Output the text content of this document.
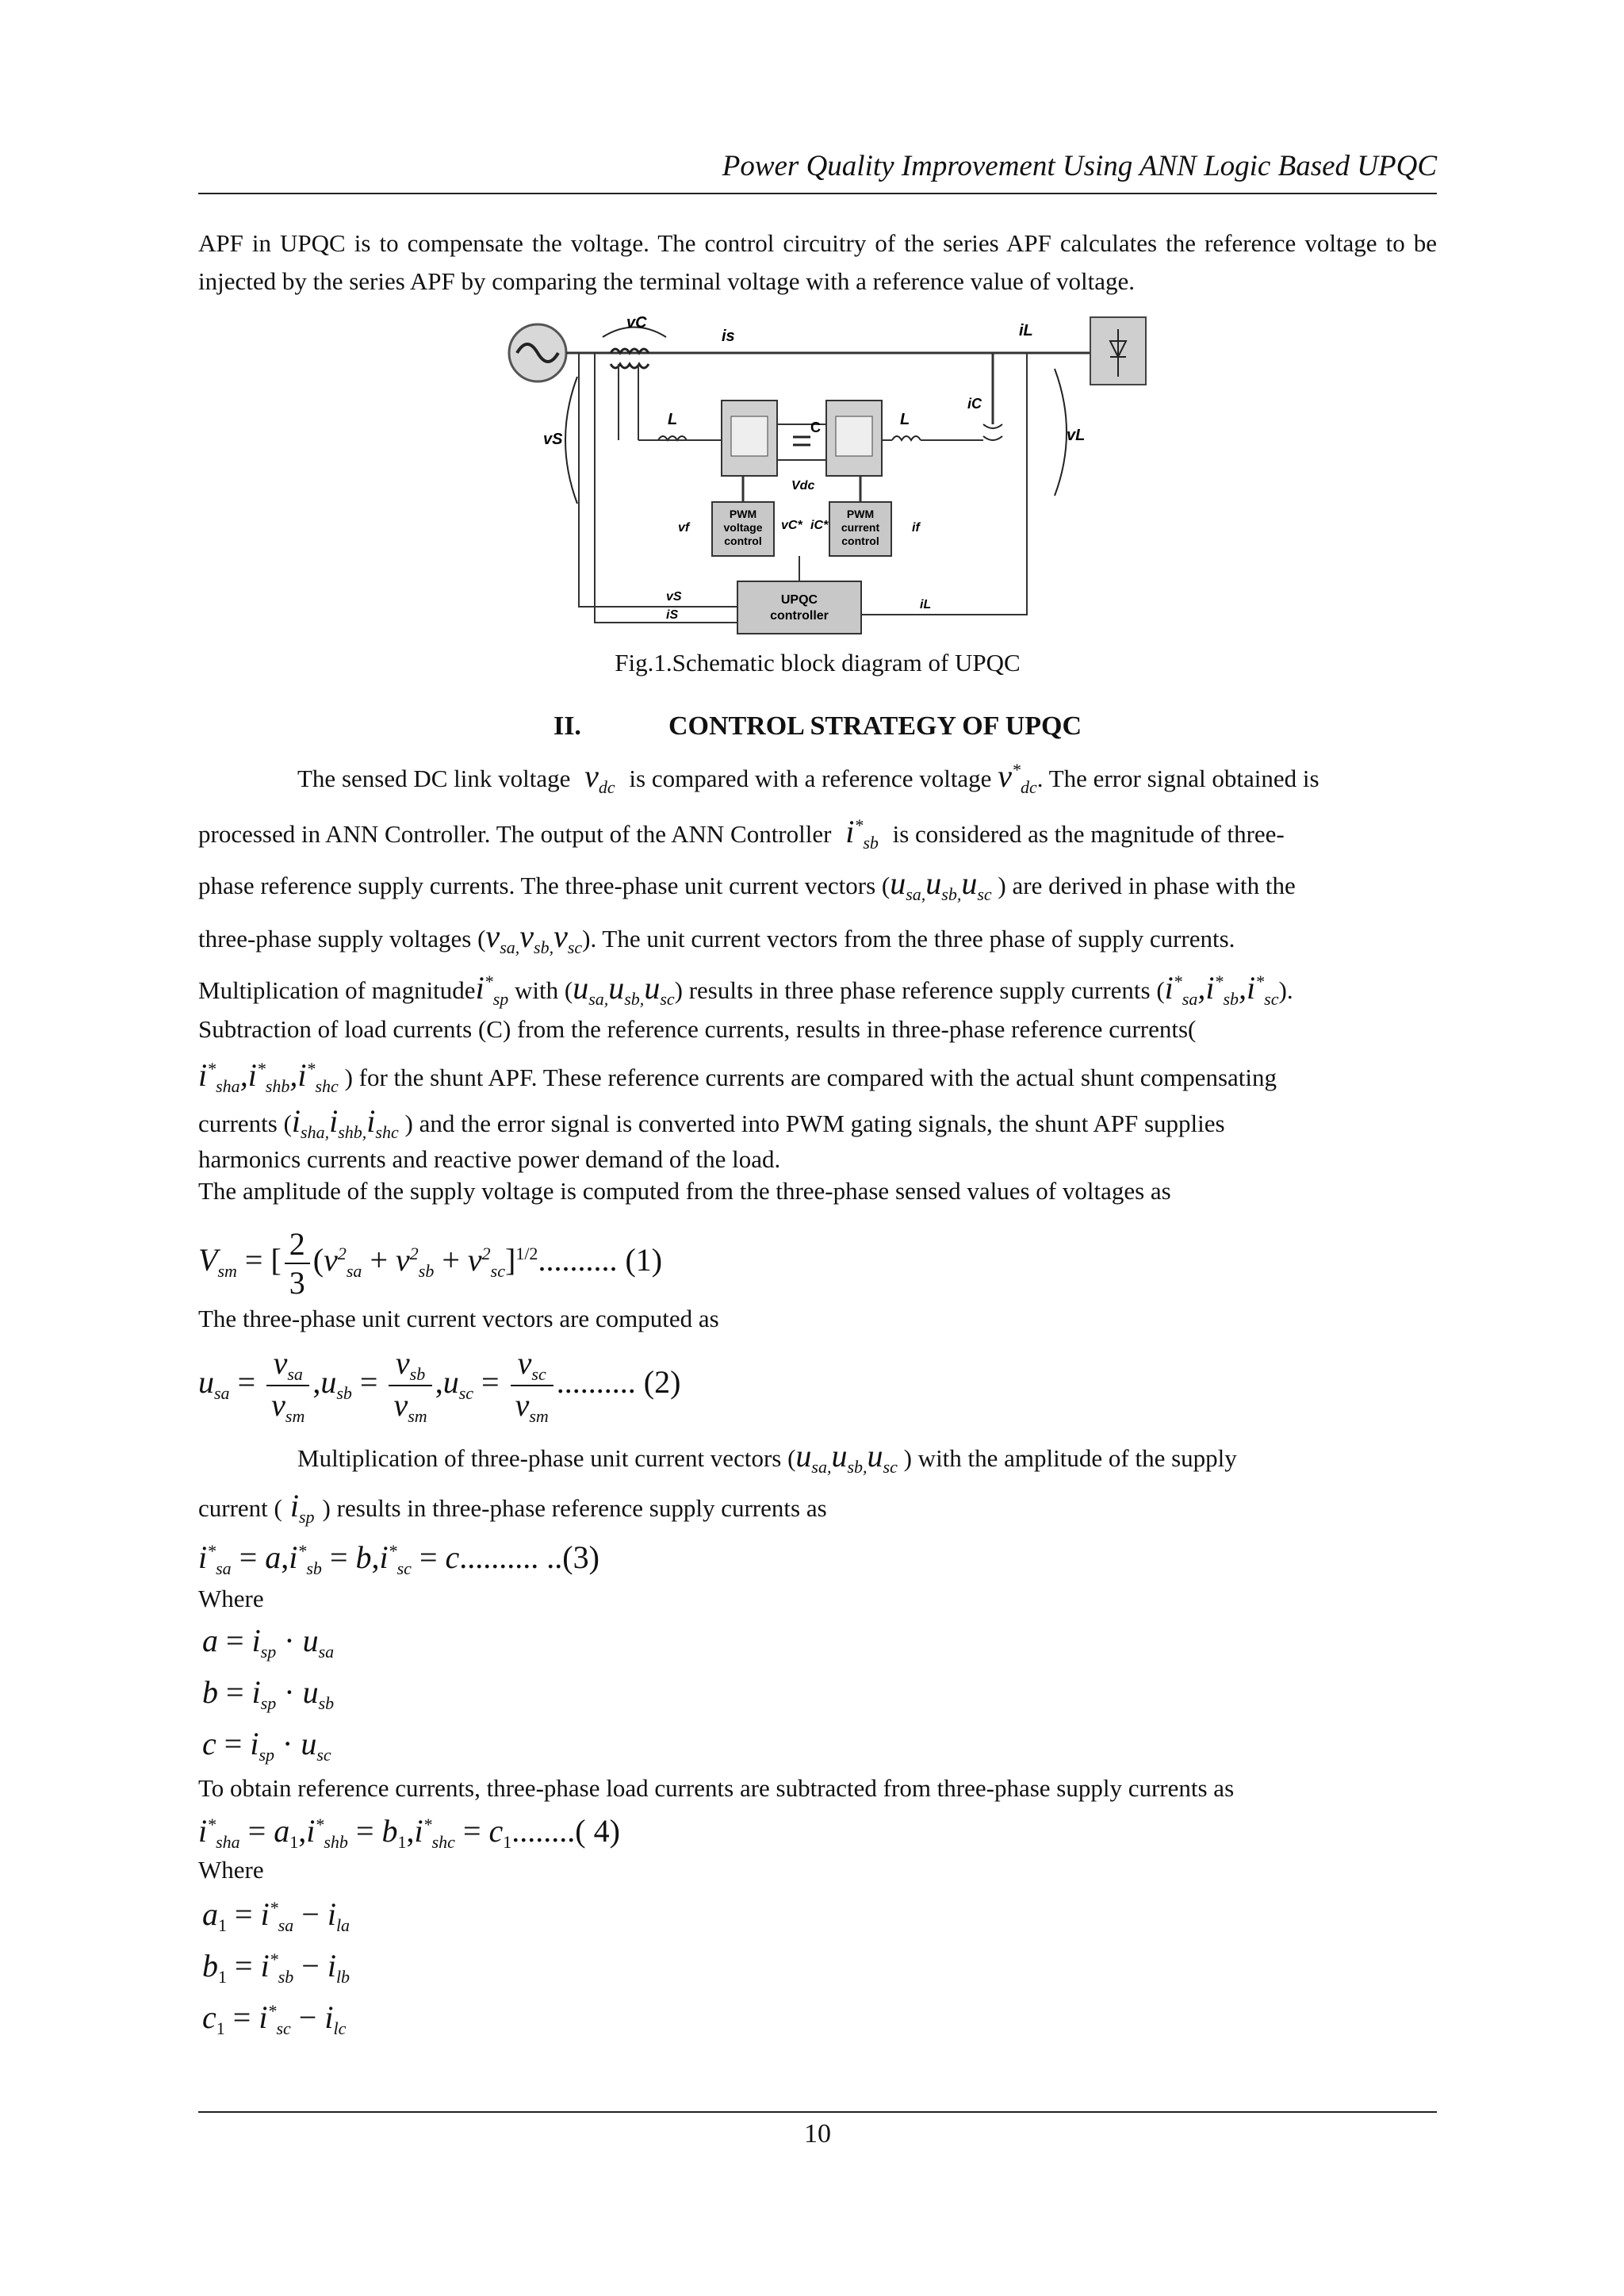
Power Quality Improvement Using ANN Logic Based UPQC
APF in UPQC is to compensate the voltage. The control circuitry of the series APF calculates the reference voltage to be injected by the series APF by comparing the terminal voltage with a reference value of voltage.
vC
is	iL
vS	vL
iC
L	C
Vdc
L
PWM
voltage
control
PWM
current
control
vf	vC* iC*	if
UPQC
controller
vS
iS
iL
Fig.1.Schematic block diagram of UPQC
II.	CONTROL STRATEGY OF UPQC
The sensed DC link voltage  $v_{dc}$ is compared with a reference voltage $v^*_{dc}$. The error signal obtained is
processed in ANN Controller. The output of the ANN Controller  $i^*_{sb}$ is considered as the magnitude of three-
phase reference supply currents. The three-phase unit current vectors ($u_{sa,}u_{sb,}u_{sc}$ ) are derived in phase with the
three-phase supply voltages $(v_{sa,}v_{sb,}v_{sc})$. The unit current vectors from the three phase of supply currents.
Multiplication of magnitudei*$_{sp}$ with $(u_{sa,}u_{sb,}u_{sc})$ results in three phase reference supply currents $(i^*_{sa},i^*_{sb},i^*_{sc})$.
Subtraction of load currents (C) from the reference currents, results in three-phase reference currents(
$i^*_{sha},i^*_{shb},i^*_{shc}$ ) for the shunt APF. These reference currents are compared with the actual shunt compensating
currents ($i_{sha,}i_{shb,}i_{shc}$ ) and the error signal is converted into PWM gating signals, the shunt APF supplies
harmonics currents and reactive power demand of the load.
The amplitude of the supply voltage is computed from the three-phase sensed values of voltages as
$V_{sm}$ = [ $\frac{2}{3} (v^2_{sa} + v^2_{sb} + v^2_{sc}]^{1/2}$.......... (1)
The three-phase unit current vectors are computed as
$u_{sa} = \frac{v_{sa}}{v_{sm}} ,u_{sb} = \frac{v_{sb}}{v_{sm}} ,u_{sc} = \frac{v_{sc}}{v_{sm}}$ .......... (2)
Multiplication of three-phase unit current vectors ($u_{sa,}u_{sb,}u_{sc}$ ) with the amplitude of the supply
current ( $i_{sp}$ ) results in three-phase reference supply currents as
$i^*_{sa} = a,i^*_{sb} = b,i^*_{sc} = c$.......... ..(3)
Where
$a = i_{sp} \cdot u_{sa}$
$b = i_{sp} \cdot u_{sb}$
$c = i_{sp} \cdot u_{sc}$
To obtain reference currents, three-phase load currents are subtracted from three-phase supply currents as
$i^*_{sha} = a_1,i^*_{shb} = b_1,i^*_{shc} = c_1$........( 4)
Where
$a_1 = i^*_{sa} - i_{la}$
$b_1 = i^*_{sb} - i_{lb}$
$c_1 = i^*_{sc} - i_{lc}$
10
